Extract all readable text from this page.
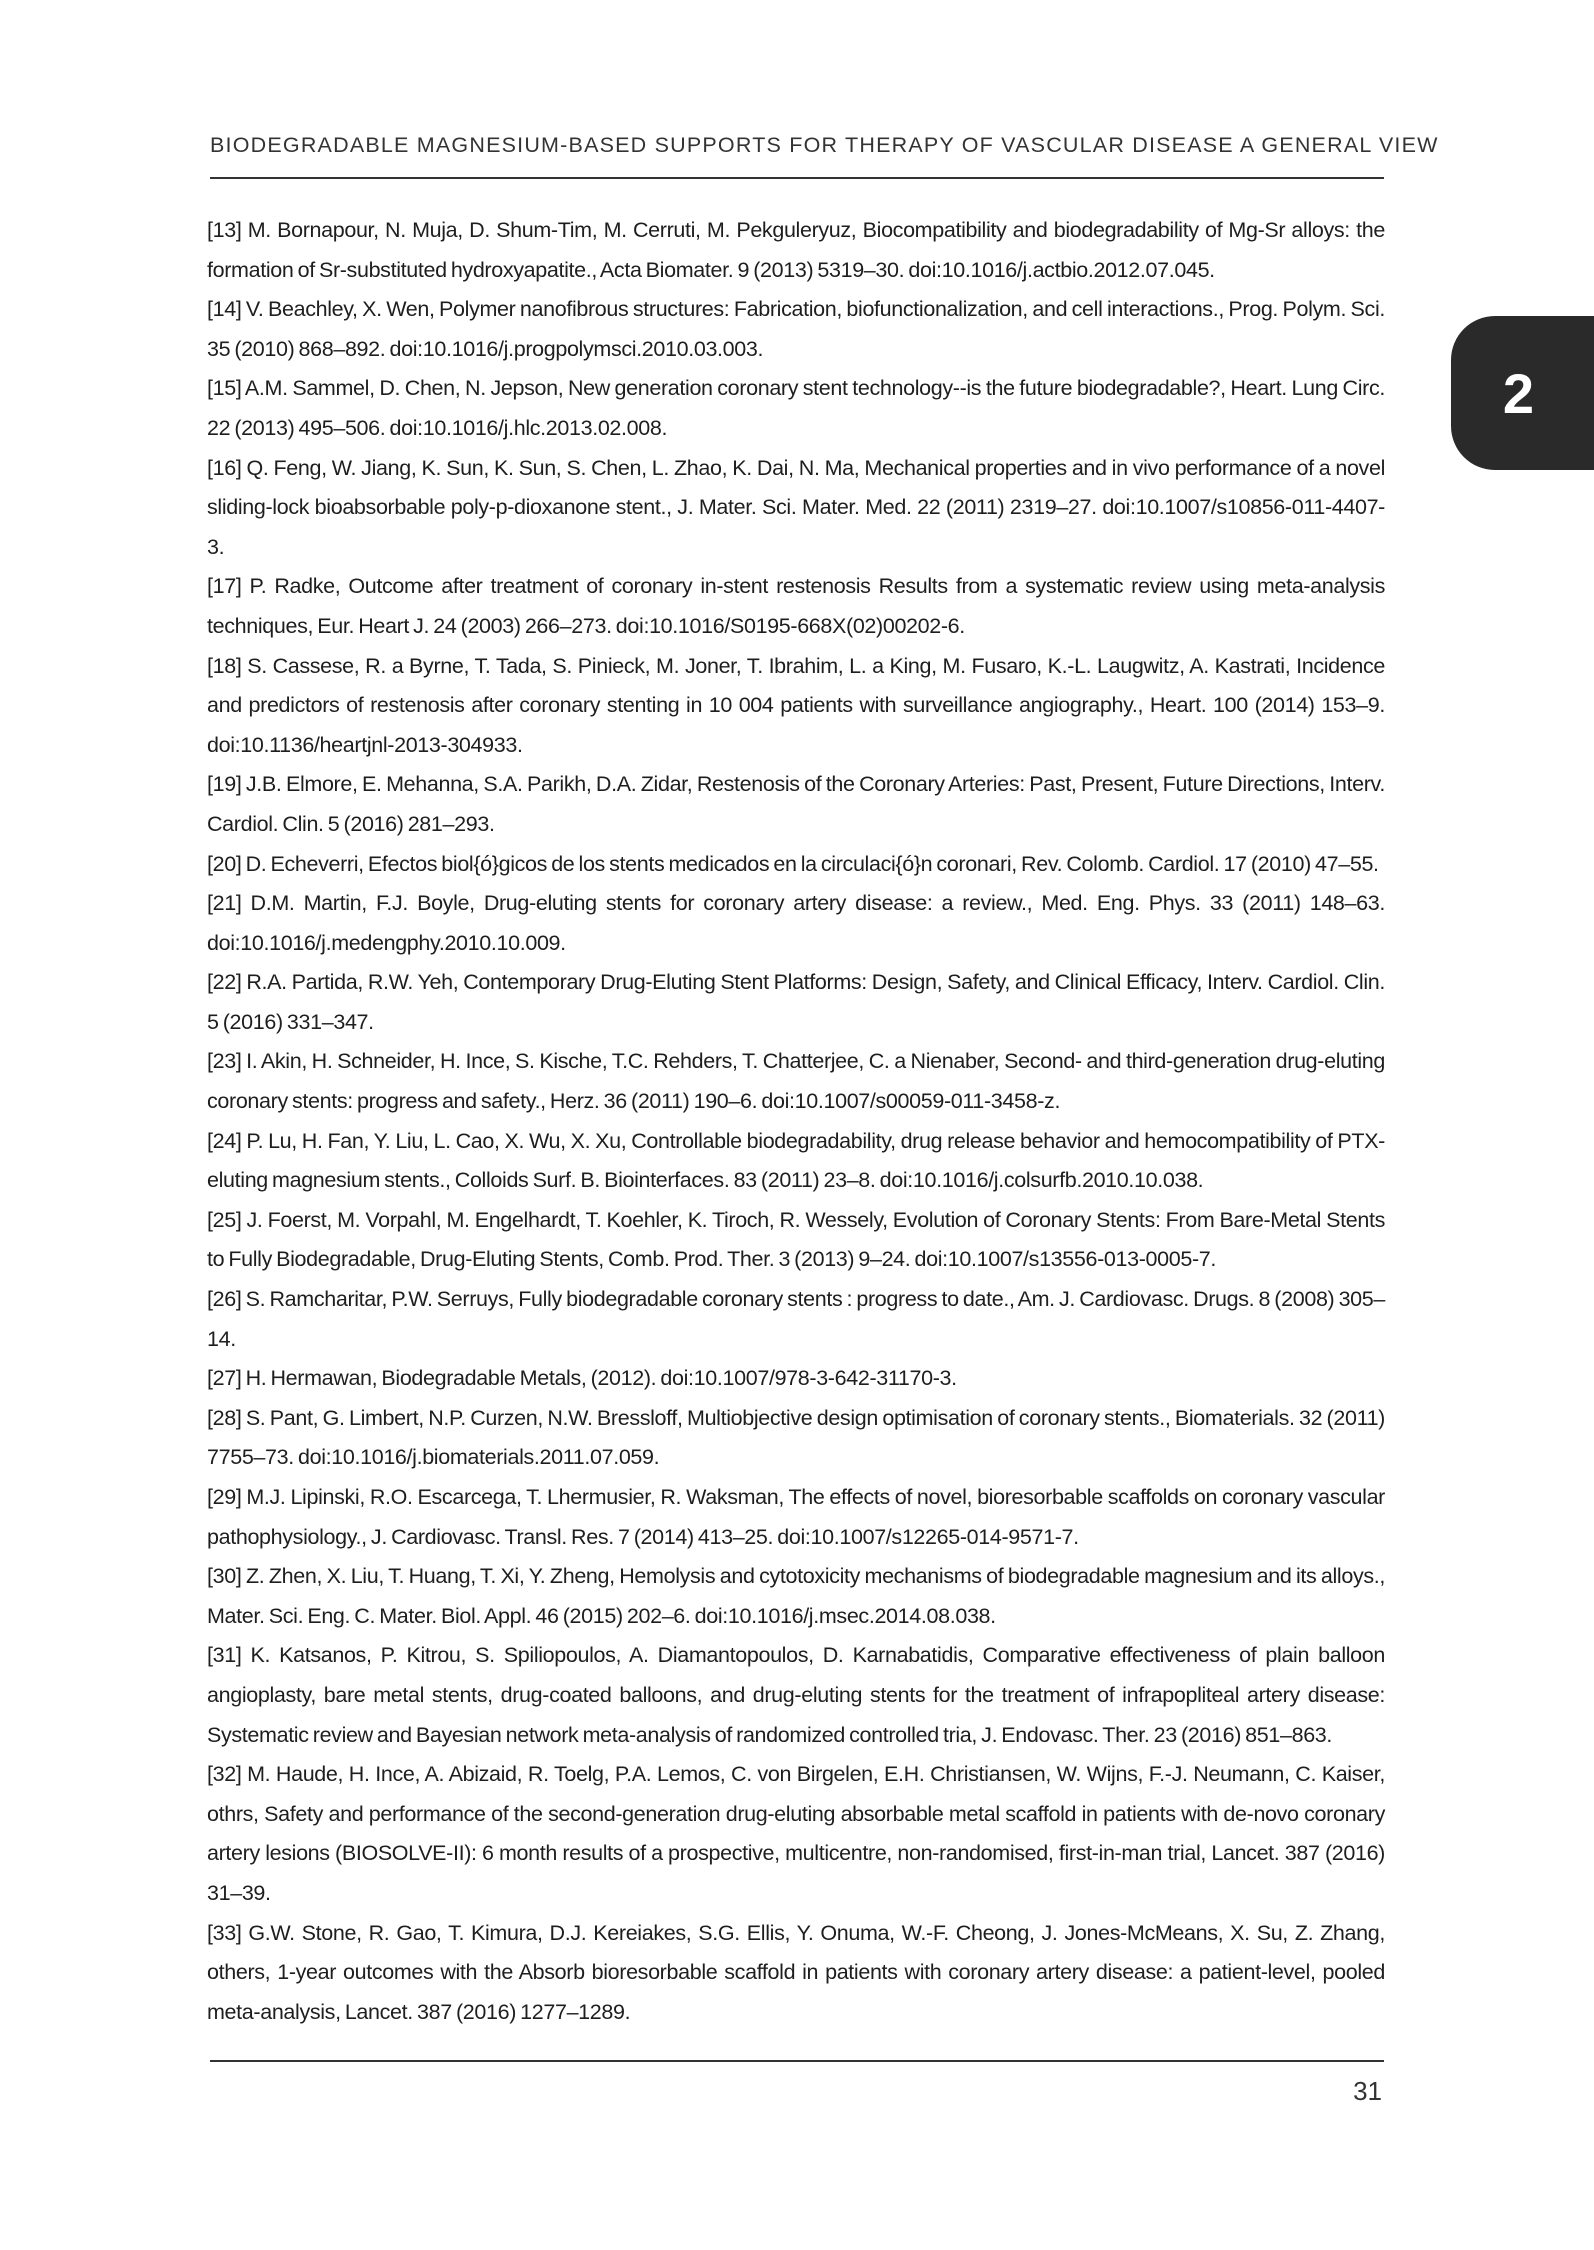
BIODEGRADABLE MAGNESIUM-BASED SUPPORTS FOR THERAPY OF VASCULAR DISEASE A GENERAL VIEW
2
[13] M. Bornapour, N. Muja, D. Shum-Tim, M. Cerruti, M. Pekguleryuz, Biocompatibility and biodegradability of Mg-Sr alloys: the formation of Sr-substituted hydroxyapatite., Acta Biomater. 9 (2013) 5319–30. doi:10.1016/j.actbio.2012.07.045.
[14] V. Beachley, X. Wen, Polymer nanofibrous structures: Fabrication, biofunctionalization, and cell interactions., Prog. Polym. Sci. 35 (2010) 868–892. doi:10.1016/j.progpolymsci.2010.03.003.
[15] A.M. Sammel, D. Chen, N. Jepson, New generation coronary stent technology--is the future biodegradable?, Heart. Lung Circ. 22 (2013) 495–506. doi:10.1016/j.hlc.2013.02.008.
[16] Q. Feng, W. Jiang, K. Sun, K. Sun, S. Chen, L. Zhao, K. Dai, N. Ma, Mechanical properties and in vivo performance of a novel sliding-lock bioabsorbable poly-p-dioxanone stent., J. Mater. Sci. Mater. Med. 22 (2011) 2319–27. doi:10.1007/s10856-011-4407-3.
[17] P. Radke, Outcome after treatment of coronary in-stent restenosis Results from a systematic review using meta-analysis techniques, Eur. Heart J. 24 (2003) 266–273. doi:10.1016/S0195-668X(02)00202-6.
[18] S. Cassese, R. a Byrne, T. Tada, S. Pinieck, M. Joner, T. Ibrahim, L. a King, M. Fusaro, K.-L. Laugwitz, A. Kastrati, Incidence and predictors of restenosis after coronary stenting in 10 004 patients with surveillance angiography., Heart. 100 (2014) 153–9. doi:10.1136/heartjnl-2013-304933.
[19] J.B. Elmore, E. Mehanna, S.A. Parikh, D.A. Zidar, Restenosis of the Coronary Arteries: Past, Present, Future Directions, Interv. Cardiol. Clin. 5 (2016) 281–293.
[20] D. Echeverri, Efectos biol{ó}gicos de los stents medicados en la circulaci{ó}n coronari, Rev. Colomb. Cardiol. 17 (2010) 47–55.
[21] D.M. Martin, F.J. Boyle, Drug-eluting stents for coronary artery disease: a review., Med. Eng. Phys. 33 (2011) 148–63. doi:10.1016/j.medengphy.2010.10.009.
[22] R.A. Partida, R.W. Yeh, Contemporary Drug-Eluting Stent Platforms: Design, Safety, and Clinical Efficacy, Interv. Cardiol. Clin. 5 (2016) 331–347.
[23] I. Akin, H. Schneider, H. Ince, S. Kische, T.C. Rehders, T. Chatterjee, C. a Nienaber, Second- and third-generation drug-eluting coronary stents: progress and safety., Herz. 36 (2011) 190–6. doi:10.1007/s00059-011-3458-z.
[24] P. Lu, H. Fan, Y. Liu, L. Cao, X. Wu, X. Xu, Controllable biodegradability, drug release behavior and hemocompatibility of PTX-eluting magnesium stents., Colloids Surf. B. Biointerfaces. 83 (2011) 23–8. doi:10.1016/j.colsurfb.2010.10.038.
[25] J. Foerst, M. Vorpahl, M. Engelhardt, T. Koehler, K. Tiroch, R. Wessely, Evolution of Coronary Stents: From Bare-Metal Stents to Fully Biodegradable, Drug-Eluting Stents, Comb. Prod. Ther. 3 (2013) 9–24. doi:10.1007/s13556-013-0005-7.
[26] S. Ramcharitar, P.W. Serruys, Fully biodegradable coronary stents : progress to date., Am. J. Cardiovasc. Drugs. 8 (2008) 305–14.
[27] H. Hermawan, Biodegradable Metals, (2012). doi:10.1007/978-3-642-31170-3.
[28] S. Pant, G. Limbert, N.P. Curzen, N.W. Bressloff, Multiobjective design optimisation of coronary stents., Biomaterials. 32 (2011) 7755–73. doi:10.1016/j.biomaterials.2011.07.059.
[29] M.J. Lipinski, R.O. Escarcega, T. Lhermusier, R. Waksman, The effects of novel, bioresorbable scaffolds on coronary vascular pathophysiology., J. Cardiovasc. Transl. Res. 7 (2014) 413–25. doi:10.1007/s12265-014-9571-7.
[30] Z. Zhen, X. Liu, T. Huang, T. Xi, Y. Zheng, Hemolysis and cytotoxicity mechanisms of biodegradable magnesium and its alloys., Mater. Sci. Eng. C. Mater. Biol. Appl. 46 (2015) 202–6. doi:10.1016/j.msec.2014.08.038.
[31] K. Katsanos, P. Kitrou, S. Spiliopoulos, A. Diamantopoulos, D. Karnabatidis, Comparative effectiveness of plain balloon angioplasty, bare metal stents, drug-coated balloons, and drug-eluting stents for the treatment of infrapopliteal artery disease: Systematic review and Bayesian network meta-analysis of randomized controlled tria, J. Endovasc. Ther. 23 (2016) 851–863.
[32] M. Haude, H. Ince, A. Abizaid, R. Toelg, P.A. Lemos, C. von Birgelen, E.H. Christiansen, W. Wijns, F.-J. Neumann, C. Kaiser, othrs, Safety and performance of the second-generation drug-eluting absorbable metal scaffold in patients with de-novo coronary artery lesions (BIOSOLVE-II): 6 month results of a prospective, multicentre, non-randomised, first-in-man trial, Lancet. 387 (2016) 31–39.
[33] G.W. Stone, R. Gao, T. Kimura, D.J. Kereiakes, S.G. Ellis, Y. Onuma, W.-F. Cheong, J. Jones-McMeans, X. Su, Z. Zhang, others, 1-year outcomes with the Absorb bioresorbable scaffold in patients with coronary artery disease: a patient-level, pooled meta-analysis, Lancet. 387 (2016) 1277–1289.
31
